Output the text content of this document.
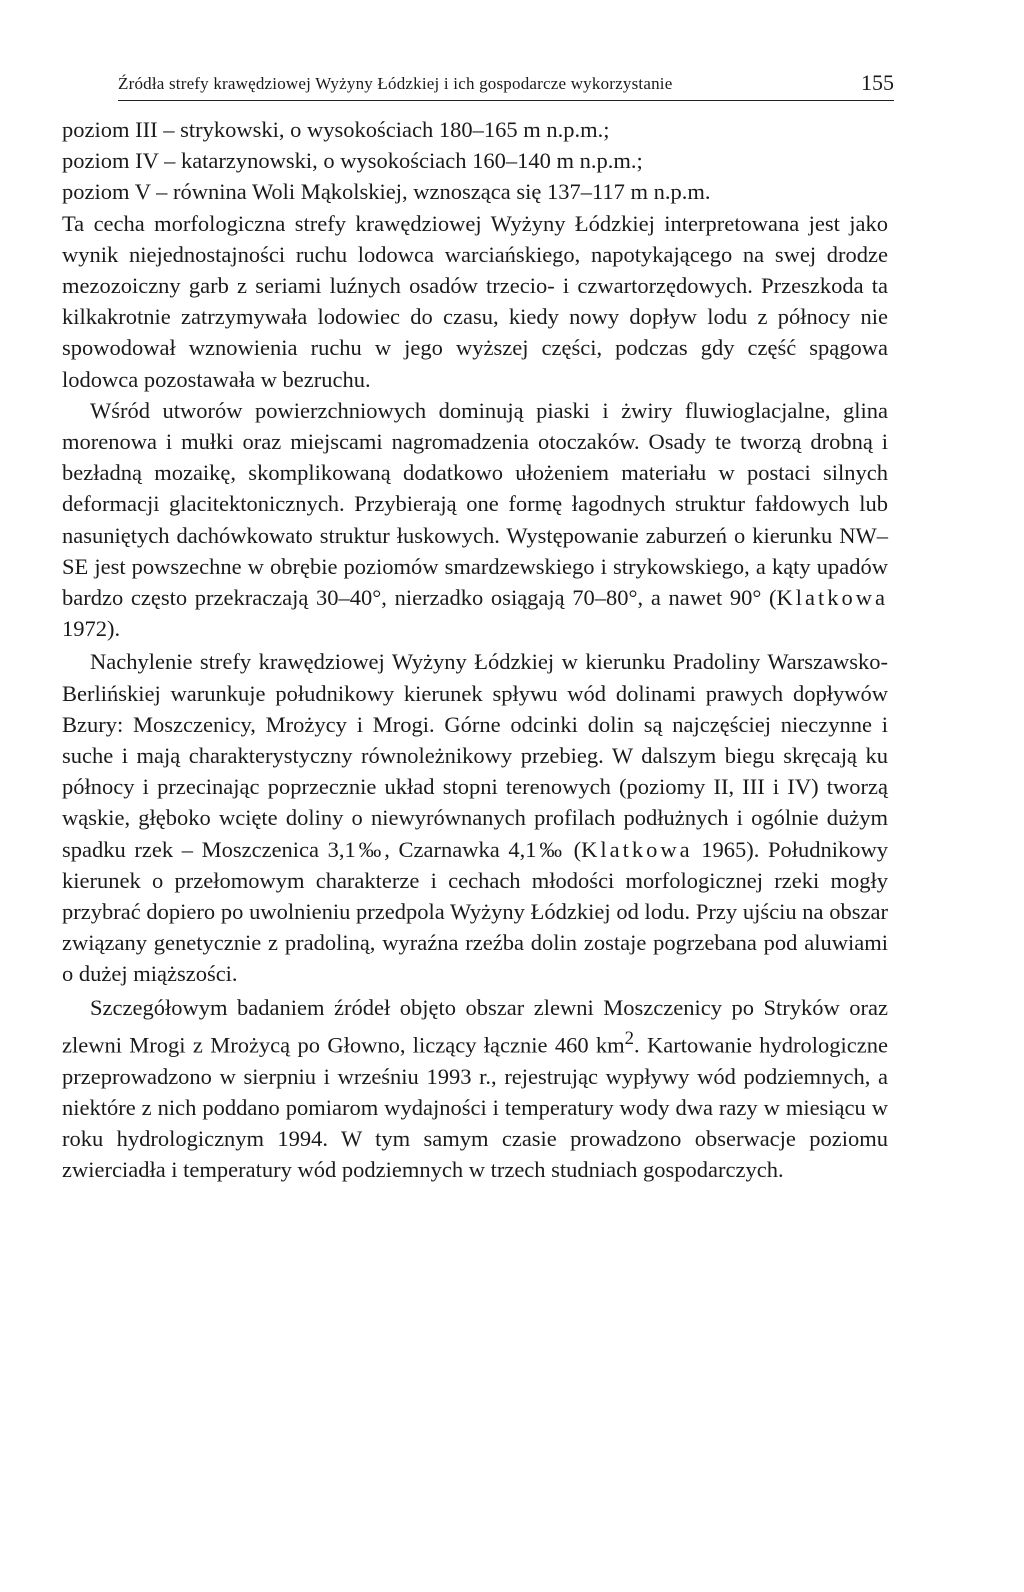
Źródła strefy krawędziowej Wyżyny Łódzkiej i ich gospodarcze wykorzystanie	155

poziom III – strykowski, o wysokościach 180–165 m n.p.m.;

poziom IV – katarzynowski, o wysokościach 160–140 m n.p.m.;

poziom V – równina Woli Mąkolskiej, wznosząca się 137–117 m n.p.m.

Ta cecha morfologiczna strefy krawędziowej Wyżyny Łódzkiej interpretowana jest jako wynik niejednostajności ruchu lodowca warciańskiego, napotykającego na swej drodze mezozoiczny garb z seriami luźnych osadów trzecio- i czwartorzędowych. Przeszkoda ta kilkakrotnie zatrzymywała lodowiec do czasu, kiedy nowy dopływ lodu z północy nie spowodował wznowienia ruchu w jego wyższej części, podczas gdy część spągowa lodowca pozostawała w bezruchu.

Wśród utworów powierzchniowych dominują piaski i żwiry fluwioglacjalne, glina morenowa i mułki oraz miejscami nagromadzenia otoczaków. Osady te tworzą drobną i bezładną mozaikę, skomplikowaną dodatkowo ułożeniem materiału w postaci silnych deformacji glacitektonicznych. Przybierają one formę łagodnych struktur fałdowych lub nasuniętych dachówkowato struktur łuskowych. Występowanie zaburzeń o kierunku NW–SE jest powszechne w obrębie poziomów smardzewskiego i strykowskiego, a kąty upadów bardzo często przekraczają 30–40°, nierzadko osiągają 70–80°, a nawet 90° (Klatkowa 1972).

Nachylenie strefy krawędziowej Wyżyny Łódzkiej w kierunku Pradoliny Warszawsko-Berlińskiej warunkuje południkowy kierunek spływu wód dolinami prawych dopływów Bzury: Moszczenicy, Mrożycy i Mrogi. Górne odcinki dolin są najczęściej nieczynne i suche i mają charakterystyczny równoleżnikowy przebieg. W dalszym biegu skręcają ku północy i przecinając poprzecznie układ stopni terenowych (poziomy II, III i IV) tworzą wąskie, głęboko wcięte doliny o niewyrównanych profilach podłużnych i ogólnie dużym spadku rzek – Moszczenica 3,1‰, Czarnawka 4,1‰ (Klatkowa 1965). Południkowy kierunek o przełomowym charakterze i cechach młodości morfologicznej rzeki mogły przybrać dopiero po uwolnieniu przedpola Wyżyny Łódzkiej od lodu. Przy ujściu na obszar związany genetycznie z pradoliną, wyraźna rzeźba dolin zostaje pogrzebana pod aluwiami o dużej miąższości.

Szczegółowym badaniem źródeł objęto obszar zlewni Moszczenicy po Stryków oraz zlewni Mrogi z Mrożycą po Głowno, liczący łącznie 460 $km^2$. Kartowanie hydrologiczne przeprowadzono w sierpniu i wrześniu 1993 r., rejestrując wypływy wód podziemnych, a niektóre z nich poddano pomiarom wydajności i temperatury wody dwa razy w miesiącu w roku hydrologicznym 1994. W tym samym czasie prowadzono obserwacje poziomu zwierciadła i temperatury wód podziemnych w trzech studniach gospodarczych.
